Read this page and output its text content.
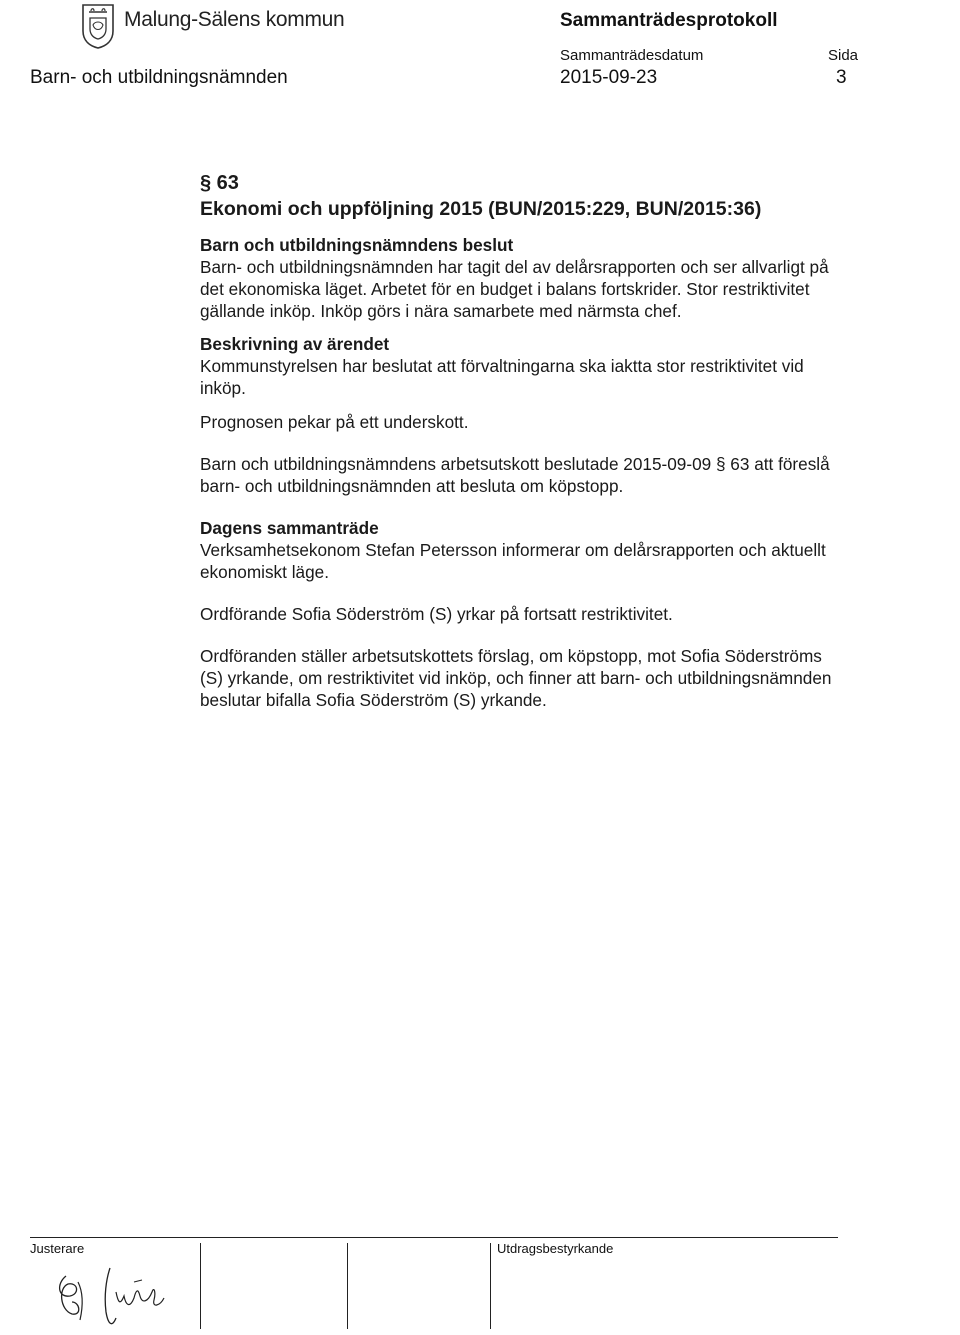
Malung-Sälens kommun
Barn- och utbildningsnämnden
Sammanträdesprotokoll
Sammanträdesdatum
2015-09-23
Sida
3

§ 63

Ekonomi och uppföljning 2015 (BUN/2015:229, BUN/2015:36)

Barn och utbildningsnämndens beslut

Barn- och utbildningsnämnden har tagit del av delårsrapporten och ser allvarligt på det ekonomiska läget. Arbetet för en budget i balans fortskrider. Stor restriktivitet gällande inköp. Inköp görs i nära samarbete med närmsta chef.

Beskrivning av ärendet

Kommunstyrelsen har beslutat att förvaltningarna ska iaktta stor restriktivitet vid inköp.

Prognosen pekar på ett underskott.

Barn och utbildningsnämndens arbetsutskott beslutade 2015-09-09 § 63 att föreslå barn- och utbildningsnämnden att besluta om köpstopp.

Dagens sammanträde

Verksamhetsekonom Stefan Petersson informerar om delårsrapporten och aktuellt ekonomiskt läge.

Ordförande Sofia Söderström (S) yrkar på fortsatt restriktivitet.

Ordföranden ställer arbetsutskottets förslag, om köpstopp, mot Sofia Söderströms (S) yrkande, om restriktivitet vid inköp, och finner att barn- och utbildningsnämnden beslutar bifalla Sofia Söderström (S) yrkande.

Justerare	Utdragsbestyrkande
